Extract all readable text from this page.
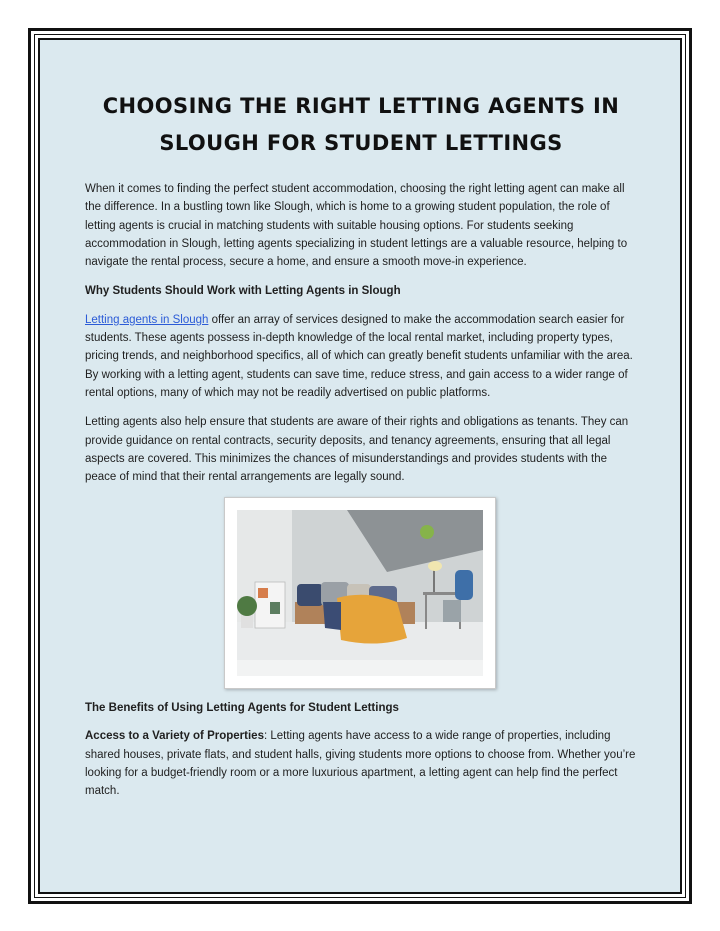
CHOOSING THE RIGHT LETTING AGENTS IN SLOUGH FOR STUDENT LETTINGS

When it comes to finding the perfect student accommodation, choosing the right letting agent can make all the difference. In a bustling town like Slough, which is home to a growing student population, the role of letting agents is crucial in matching students with suitable housing options. For students seeking accommodation in Slough, letting agents specializing in student lettings are a valuable resource, helping to navigate the rental process, secure a home, and ensure a smooth move-in experience.

Why Students Should Work with Letting Agents in Slough

Letting agents in Slough offer an array of services designed to make the accommodation search easier for students. These agents possess in-depth knowledge of the local rental market, including property types, pricing trends, and neighborhood specifics, all of which can greatly benefit students unfamiliar with the area. By working with a letting agent, students can save time, reduce stress, and gain access to a wider range of rental options, many of which may not be readily advertised on public platforms.

Letting agents also help ensure that students are aware of their rights and obligations as tenants. They can provide guidance on rental contracts, security deposits, and tenancy agreements, ensuring that all legal aspects are covered. This minimizes the chances of misunderstandings and provides students with the peace of mind that their rental arrangements are legally sound.

The Benefits of Using Letting Agents for Student Lettings

Access to a Variety of Properties: Letting agents have access to a wide range of properties, including shared houses, private flats, and student halls, giving students more options to choose from. Whether you’re looking for a budget-friendly room or a more luxurious apartment, a letting agent can help find the perfect match.
